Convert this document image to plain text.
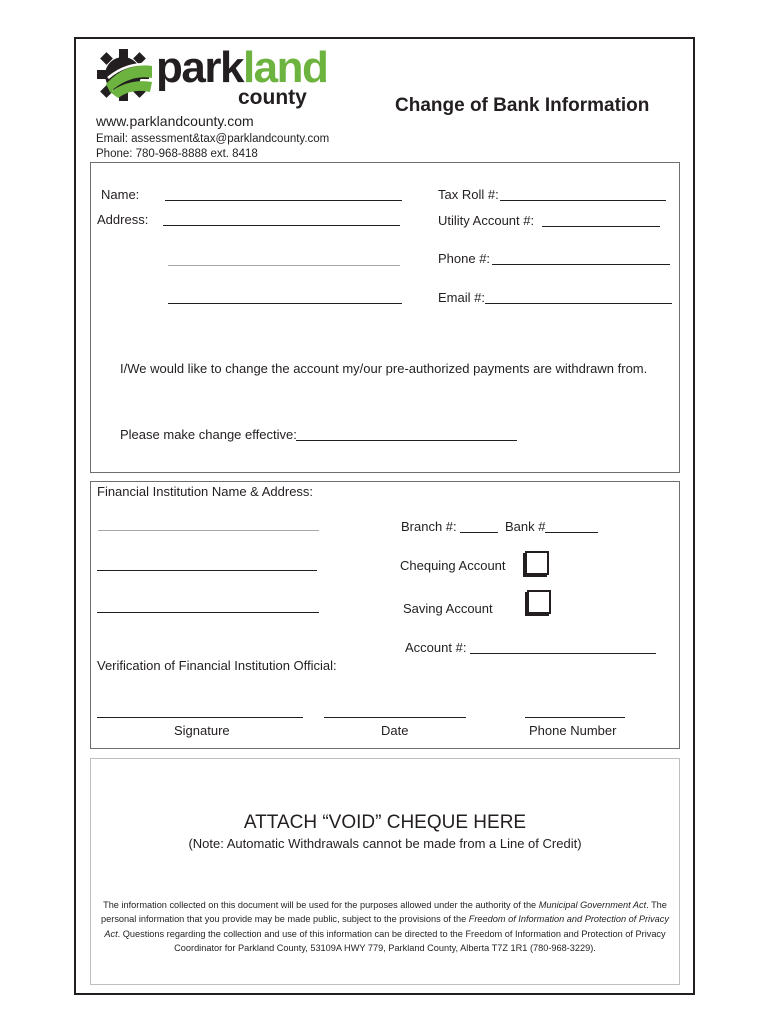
parkland
county	Change of Bank Information
www.parklandcounty.com
Email: assessment&tax@parklandcounty.com
Phone: 780-968-8888 ext. 8418
Name:
Address:
Tax Roll #:
Utility Account #:
Phone #:
Email #:
I/We would like to change the account my/our pre-authorized payments are withdrawn from.
Please make change effective:
Financial Institution Name & Address:
Branch #:	Bank #
Chequing Account
Saving Account
Account #:
Verification of Financial Institution Official:
Signature	Date	Phone Number
ATTACH “VOID” CHEQUE HERE
(Note: Automatic Withdrawals cannot be made from a Line of Credit)
The information collected on this document will be used for the purposes allowed under the authority of the Municipal Government Act. The personal information that you provide may be made public, subject to the provisions of the Freedom of Information and Protection of Privacy Act. Questions regarding the collection and use of this information can be directed to the Freedom of Information and Protection of Privacy Coordinator for Parkland County, 53109A HWY 779, Parkland County, Alberta T7Z 1R1 (780-968-3229).
